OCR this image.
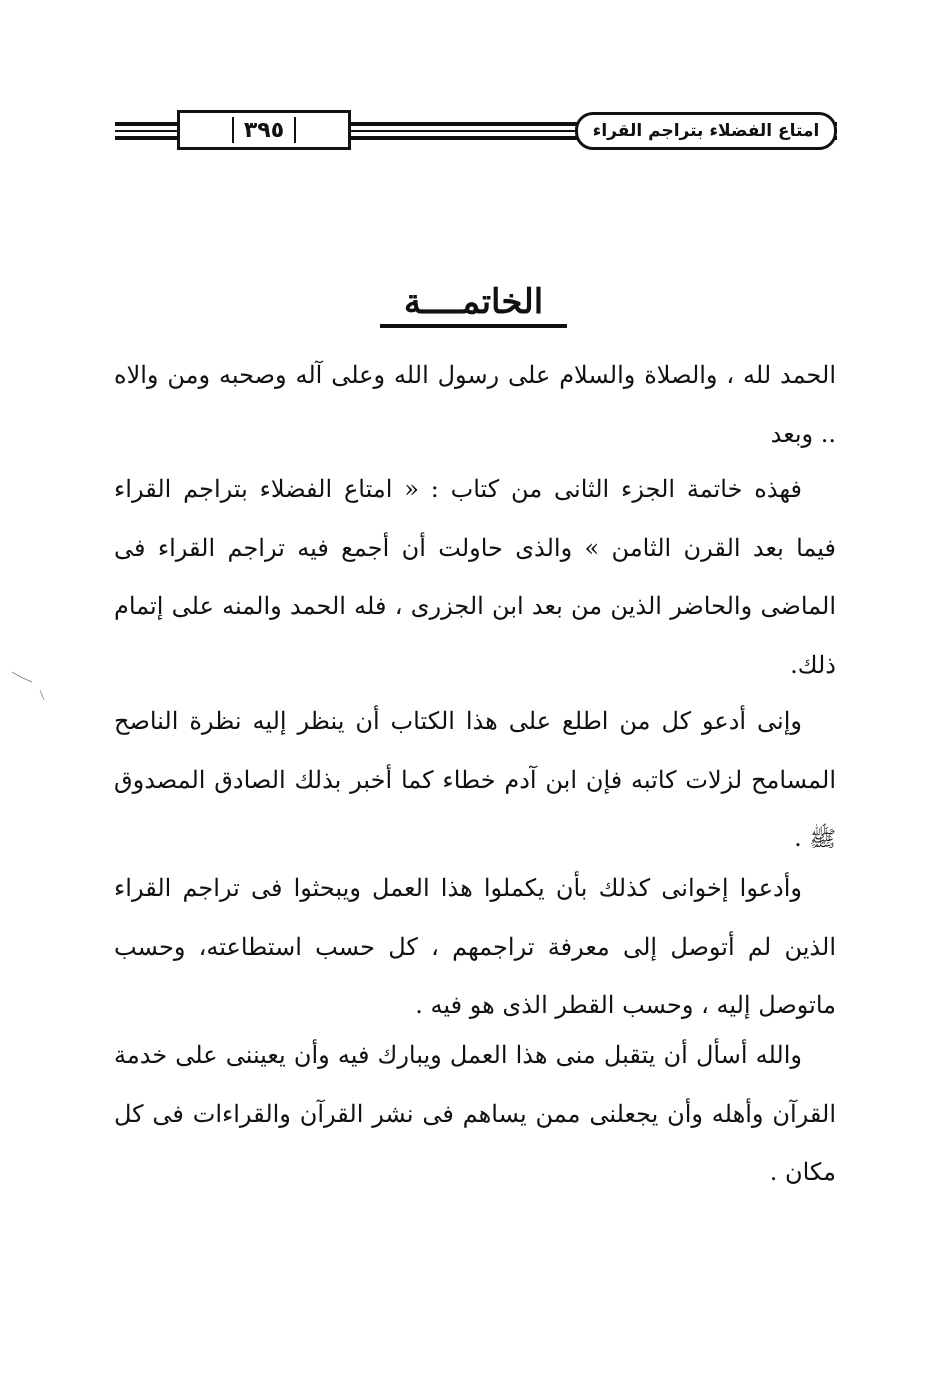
٣٩٥	امتاع الفضلاء بتراجم القراء
الخاتمــــة
الحمد لله ، والصلاة والسلام على رسول الله وعلى آله وصحبه ومن والاه .. وبعد
فهذه خاتمة الجزء الثانى من كتاب : « امتاع الفضلاء بتراجم القراء فيما بعد القرن الثامن » والذى حاولت أن أجمع فيه تراجم القراء فى الماضى والحاضر الذين من بعد ابن الجزرى ، فله الحمد والمنه على إتمام ذلك.
وإنى أدعو كل من اطلع على هذا الكتاب أن ينظر إليه نظرة الناصح المسامح لزلات كاتبه فإن ابن آدم خطاء كما أخبر بذلك الصادق المصدوق ﷺ .
وأدعوا إخوانى كذلك بأن يكملوا هذا العمل ويبحثوا فى تراجم القراء الذين لم أتوصل إلى معرفة تراجمهم ، كل حسب استطاعته، وحسب ماتوصل إليه ، وحسب القطر الذى هو فيه .
والله أسأل أن يتقبل منى هذا العمل ويبارك فيه وأن يعيننى على خدمة القرآن وأهله وأن يجعلنى ممن يساهم فى نشر القرآن والقراءات فى كل مكان .
